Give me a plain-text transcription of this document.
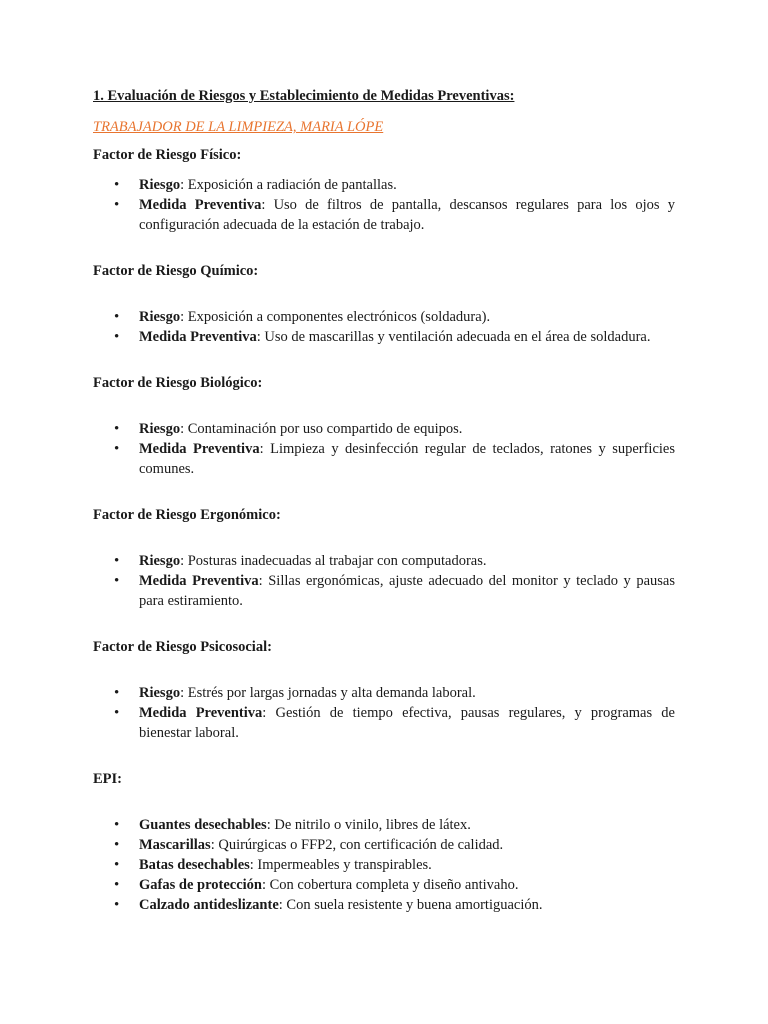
1. Evaluación de Riesgos y Establecimiento de Medidas Preventivas:

TRABAJADOR DE LA LIMPIEZA, MARIA LÓPE

Factor de Riesgo Físico:

• Riesgo: Exposición a radiación de pantallas.
• Medida Preventiva: Uso de filtros de pantalla, descansos regulares para los ojos y configuración adecuada de la estación de trabajo.

Factor de Riesgo Químico:

• Riesgo: Exposición a componentes electrónicos (soldadura).
• Medida Preventiva: Uso de mascarillas y ventilación adecuada en el área de soldadura.

Factor de Riesgo Biológico:

• Riesgo: Contaminación por uso compartido de equipos.
• Medida Preventiva: Limpieza y desinfección regular de teclados, ratones y superficies comunes.

Factor de Riesgo Ergonómico:

• Riesgo: Posturas inadecuadas al trabajar con computadoras.
• Medida Preventiva: Sillas ergonómicas, ajuste adecuado del monitor y teclado y pausas para estiramiento.

Factor de Riesgo Psicosocial:

• Riesgo: Estrés por largas jornadas y alta demanda laboral.
• Medida Preventiva: Gestión de tiempo efectiva, pausas regulares, y programas de bienestar laboral.

EPI:

• Guantes desechables: De nitrilo o vinilo, libres de látex.
• Mascarillas: Quirúrgicas o FFP2, con certificación de calidad.
• Batas desechables: Impermeables y transpirables.
• Gafas de protección: Con cobertura completa y diseño antivaho.
• Calzado antideslizante: Con suela resistente y buena amortiguación.
